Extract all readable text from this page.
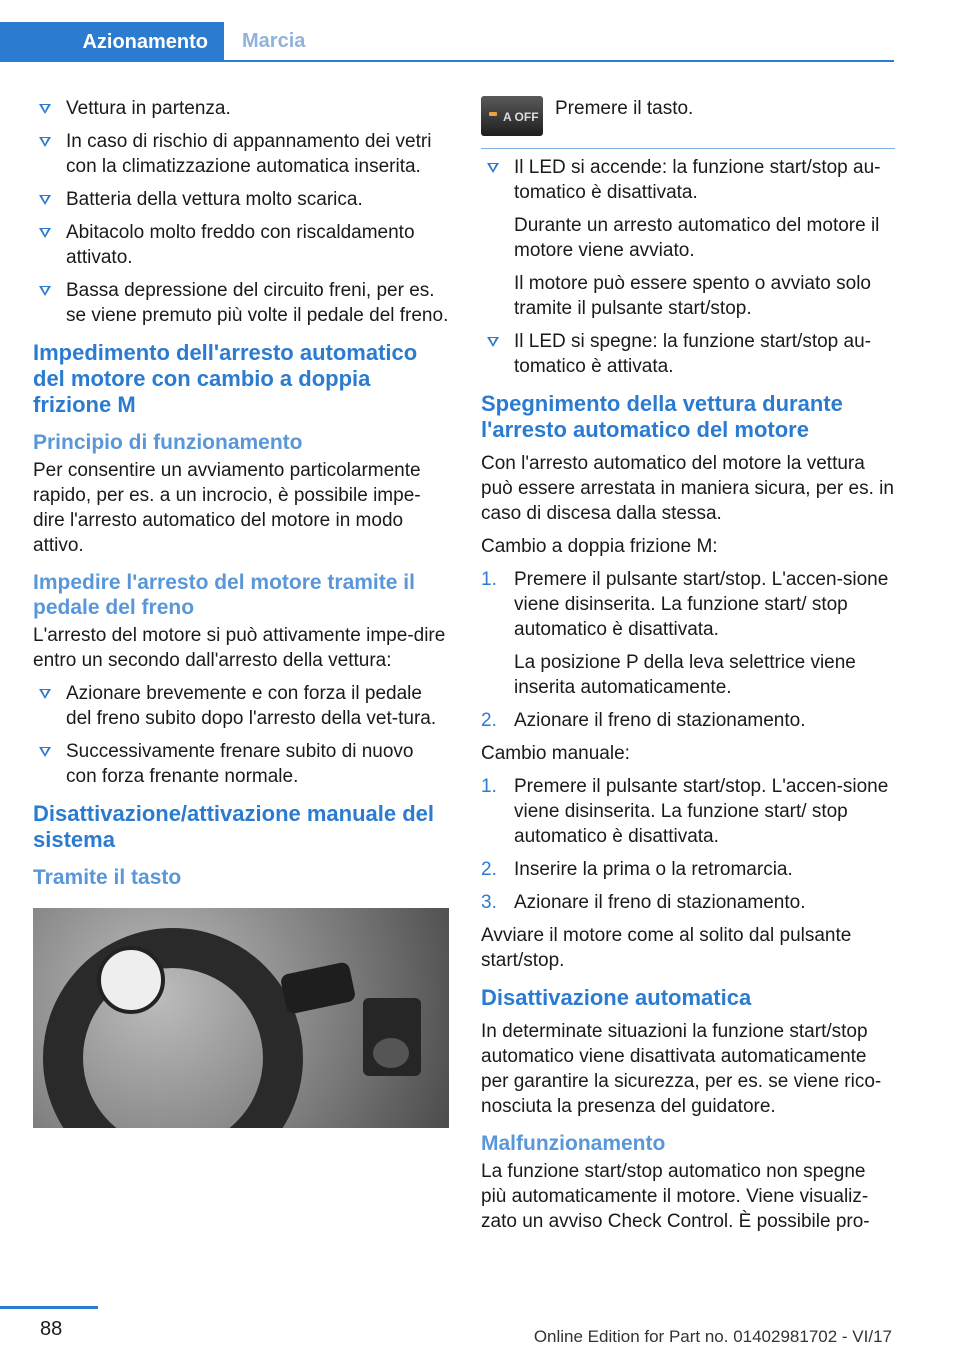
Azionamento	Marcia
Vettura in partenza.
In caso di rischio di appannamento dei vetri con la climatizzazione automatica inserita.
Batteria della vettura molto scarica.
Abitacolo molto freddo con riscaldamento attivato.
Bassa depressione del circuito freni, per es. se viene premuto più volte il pedale del freno.
Impedimento dell'arresto automatico del motore con cambio a doppia frizione M
Principio di funzionamento

Per consentire un avviamento particolarmente rapido, per es. a un incrocio, è possibile impe-dire l'arresto automatico del motore in modo attivo.

Impedire l'arresto del motore tramite il pedale del freno

L'arresto del motore si può attivamente impe-dire entro un secondo dall'arresto della vettura:

Azionare brevemente e con forza il pedale del freno subito dopo l'arresto della vet-tura.
Successivamente frenare subito di nuovo con forza frenante normale.
Disattivazione/attivazione manuale del sistema
Tramite il tasto
A OFF Premere il tasto.
Il LED si accende: la funzione start/stop au-tomatico è disattivata.
Durante un arresto automatico del motore il motore viene avviato.
Il motore può essere spento o avviato solo tramite il pulsante start/stop.
Il LED si spegne: la funzione start/stop au-tomatico è attivata.
Spegnimento della vettura durante l'arresto automatico del motore

Con l'arresto automatico del motore la vettura può essere arrestata in maniera sicura, per es. in caso di discesa dalla stessa.

Cambio a doppia frizione M:

1. Premere il pulsante start/stop. L'accen-sione viene disinserita. La funzione start/ stop automatico è disattivata.
La posizione P della leva selettrice viene inserita automaticamente.
2. Azionare il freno di stazionamento.

Cambio manuale:

1. Premere il pulsante start/stop. L'accen-sione viene disinserita. La funzione start/ stop automatico è disattivata.
2. Inserire la prima o la retromarcia.
3. Azionare il freno di stazionamento.

Avviare il motore come al solito dal pulsante start/stop.

Disattivazione automatica

In determinate situazioni la funzione start/stop automatico viene disattivata automaticamente per garantire la sicurezza, per es. se viene rico-nosciuta la presenza del guidatore.

Malfunzionamento

La funzione start/stop automatico non spegne più automaticamente il motore. Viene visualiz-zato un avviso Check Control. È possibile pro-

88	Online Edition for Part no. 01402981702 - VI/17
